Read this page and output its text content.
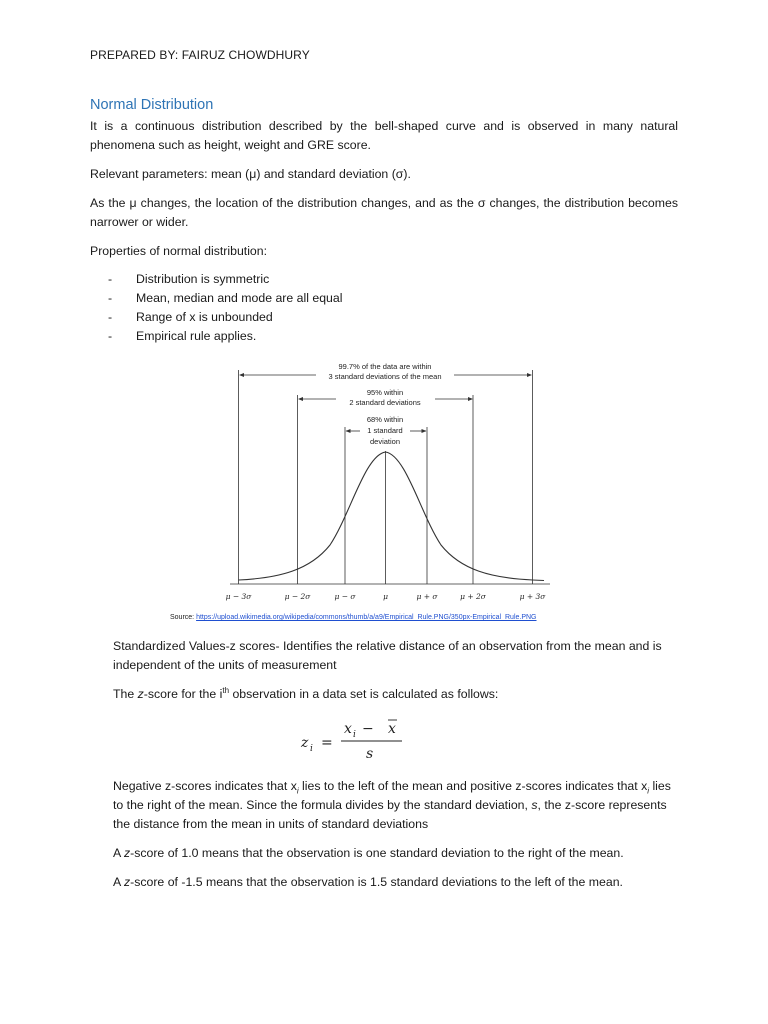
PREPARED BY: FAIRUZ CHOWDHURY
Normal Distribution
It is a continuous distribution described by the bell-shaped curve and is observed in many natural phenomena such as height, weight and GRE score.
Relevant parameters: mean (μ) and standard deviation (σ).
As the μ changes, the location of the distribution changes, and as the σ changes, the distribution becomes narrower or wider.
Properties of normal distribution:
- Distribution is symmetric
- Mean, median and mode are all equal
- Range of x is unbounded
- Empirical rule applies.
99.7% of the data are within
3 standard deviations of the mean
95% within
2 standard deviations
68% within
1 standard
deviation
μ − 3σ	μ − 2σ	μ − σ	μ	μ + σ	μ + 2σ	μ + 3σ
Source: https://upload.wikimedia.org/wikipedia/commons/thumb/a/a9/Empirical_Rule.PNG/350px-Empirical_Rule.PNG
Standardized Values-z scores- Identifies the relative distance of an observation from the mean and is independent of the units of measurement
The z-score for the $i^{th}$ observation in a data set is calculated as follows:
z i =
x i − x
s
Negative z-scores indicates that $x_i$ lies to the left of the mean and positive z-scores indicates that $x_i$ lies to the right of the mean. Since the formula divides by the standard deviation, s, the z-score represents the distance from the mean in units of standard deviations
A z-score of 1.0 means that the observation is one standard deviation to the right of the mean.
A z-score of -1.5 means that the observation is 1.5 standard deviations to the left of the mean.
